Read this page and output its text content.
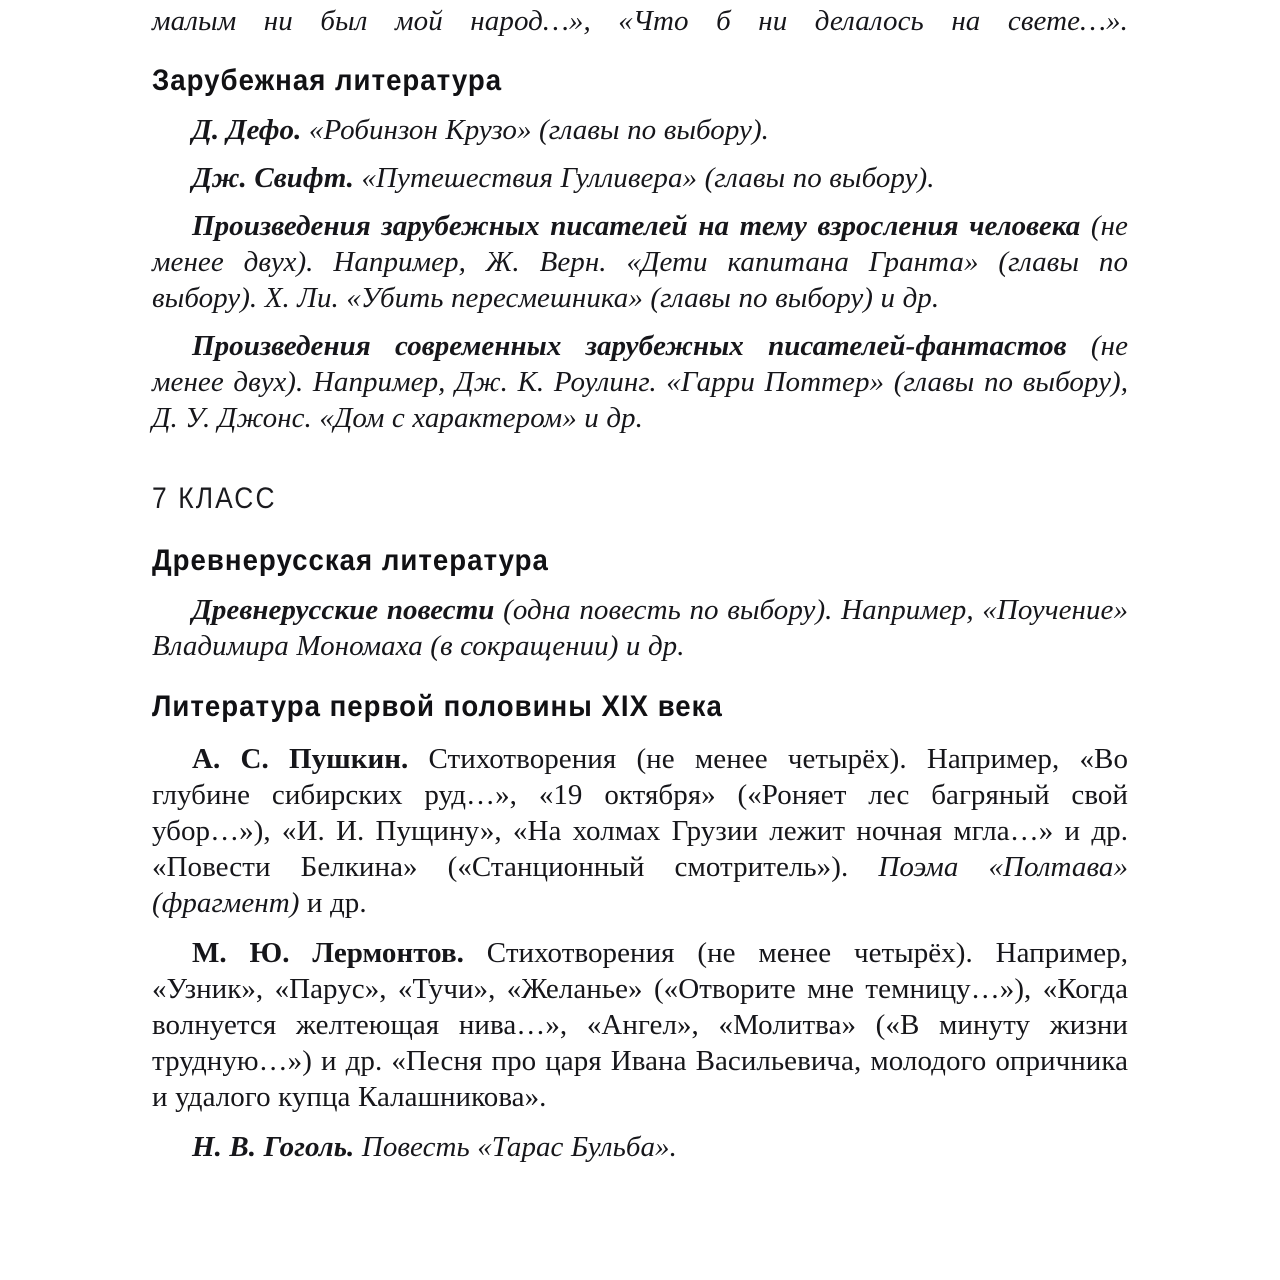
малым ни был мой народ…», «Что б ни делалось на свете…».

Зарубежная литература

Д. Дефо. «Робинзон Крузо» (главы по выбору).

Дж. Свифт. «Путешествия Гулливера» (главы по выбору).

Произведения зарубежных писателей на тему взросления человека (не менее двух). Например, Ж. Верн. «Дети капитана Гранта» (главы по выбору). Х. Ли. «Убить пересмешника» (главы по выбору) и др.

Произведения современных зарубежных писателей-фантастов (не менее двух). Например, Дж. К. Роулинг. «Гарри Поттер» (главы по выбору), Д. У. Джонс. «Дом с характером» и др.

7 КЛАСС
Древнерусская литература

Древнерусские повести (одна повесть по выбору). Например, «Поучение» Владимира Мономаха (в сокращении) и др.

Литература первой половины XIX века

А. С. Пушкин. Стихотворения (не менее четырёх). Например, «Во глубине сибирских руд…», «19 октября» («Роняет лес багряный свой убор…»), «И. И. Пущину», «На холмах Грузии лежит ночная мгла…» и др. «Повести Белкина» («Станционный смотритель»). Поэма «Полтава» (фрагмент) и др.

М. Ю. Лермонтов. Стихотворения (не менее четырёх). Например, «Узник», «Парус», «Тучи», «Желанье» («Отворите мне темницу…»), «Когда волнуется желтеющая нива…», «Ангел», «Молитва» («В минуту жизни трудную…») и др. «Песня про царя Ивана Васильевича, молодого опричника и удалого купца Калашникова».

Н. В. Гоголь. Повесть «Тарас Бульба».
